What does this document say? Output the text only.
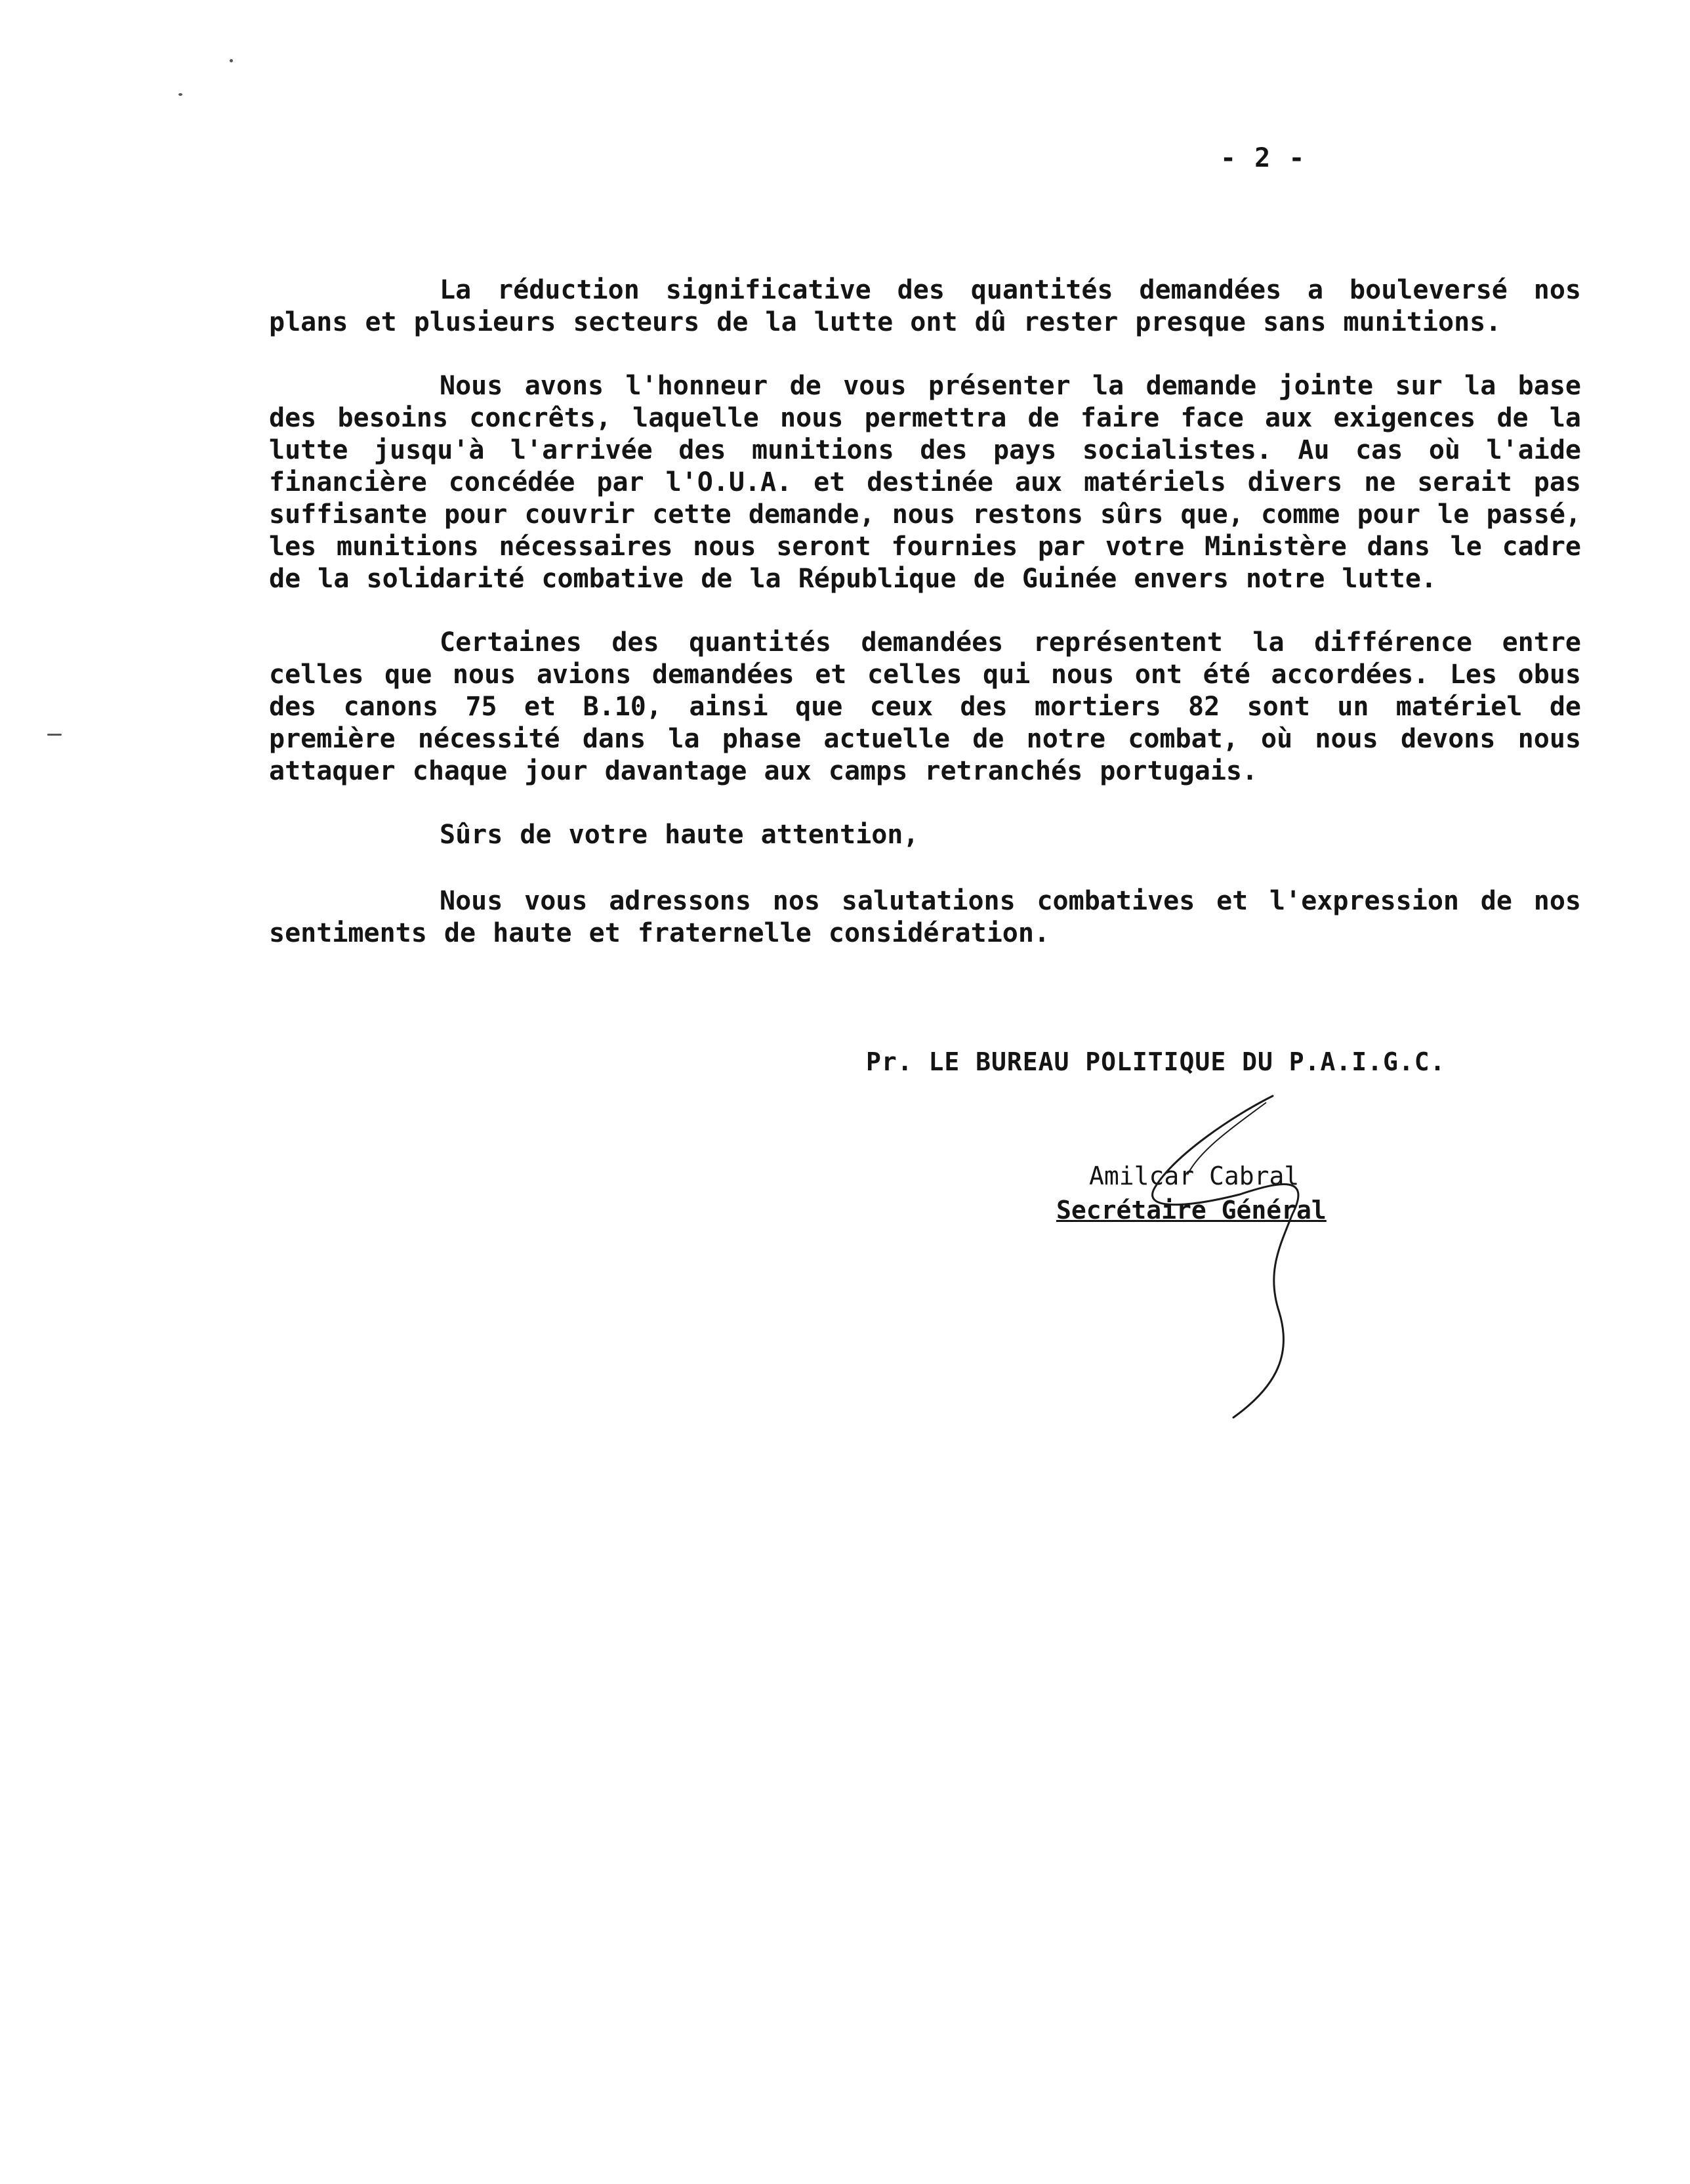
- 2 -

La réduction significative des quantités demandées a bouleversé nos plans et plusieurs secteurs de la lutte ont dû rester presque sans munitions.

Nous avons l'honneur de vous présenter la demande jointe sur la base des besoins concrêts, laquelle nous permettra de faire face aux exigences de la lutte jusqu'à l'arrivée des munitions des pays socialistes. Au cas où l'aide financière concédée par l'O.U.A. et destinée aux matériels divers ne serait pas suffisante pour couvrir cette demande, nous restons sûrs que, comme pour le passé, les munitions nécessaires nous seront fournies par votre Ministère dans le cadre de la solidarité combative de la République de Guinée envers notre lutte.

Certaines des quantités demandées représentent la différence entre celles que nous avions demandées et celles qui nous ont été accordées. Les obus des canons 75 et B.10, ainsi que ceux des mortiers 82 sont un matériel de première nécessité dans la phase actuelle de notre combat, où nous devons nous attaquer chaque jour davantage aux camps retranchés portugais.

Sûrs de votre haute attention,

Nous vous adressons nos salutations combatives et l'expression de nos sentiments de haute et fraternelle considération.

Pr. LE BUREAU POLITIQUE DU P.A.I.G.C.
Amilcar Cabral
Secrétaire Général
